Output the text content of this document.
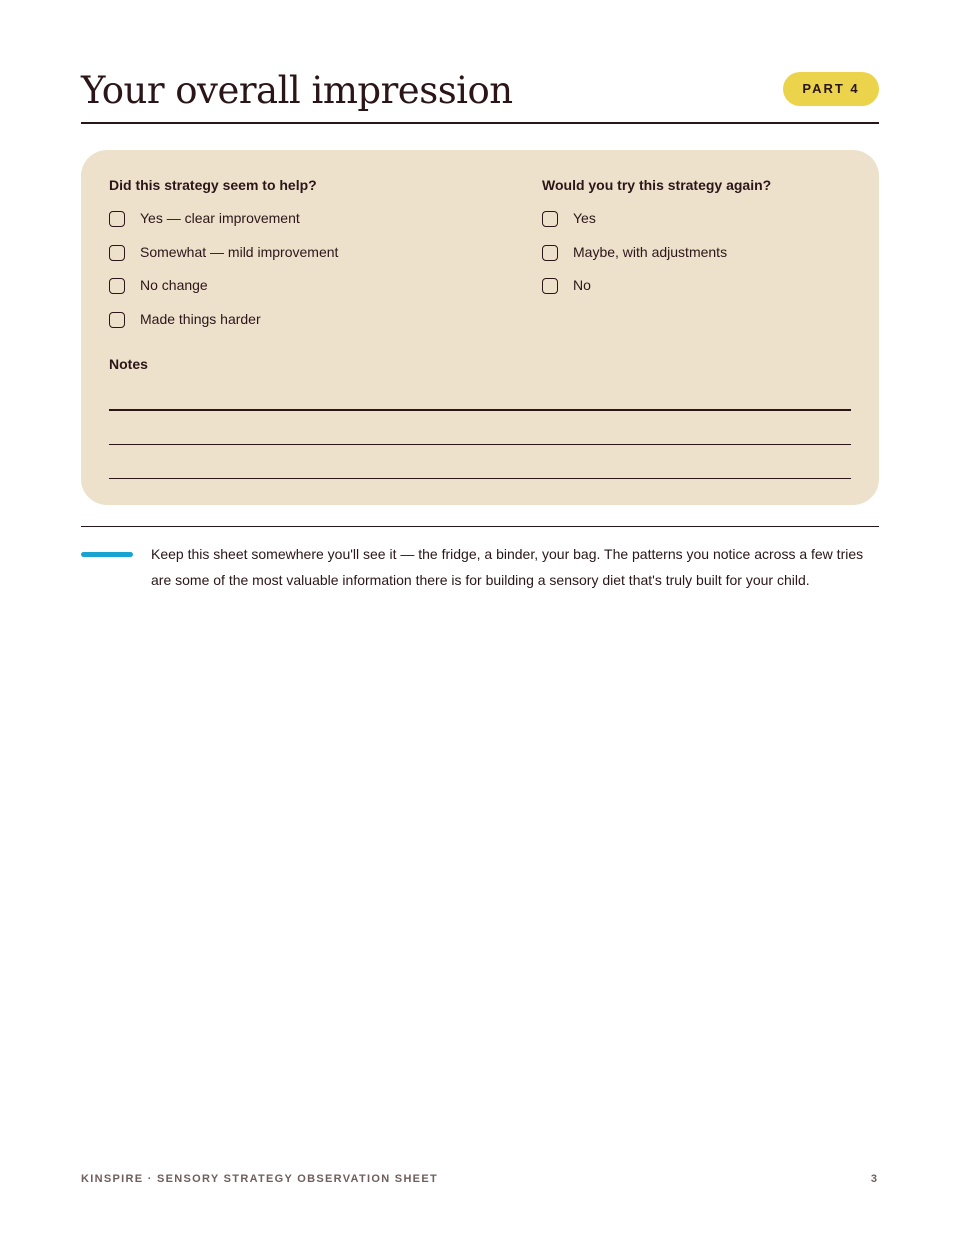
Your overall impression	PART 4
Did this strategy seem to help?
Yes — clear improvement
Somewhat — mild improvement
No change
Made things harder
Would you try this strategy again?
Yes
Maybe, with adjustments
No
Notes

Keep this sheet somewhere you'll see it — the fridge, a binder, your bag. The patterns you notice across a few tries are some of the most valuable information there is for building a sensory diet that's truly built for your child.

KINSPIRE · SENSORY STRATEGY OBSERVATION SHEET	3
